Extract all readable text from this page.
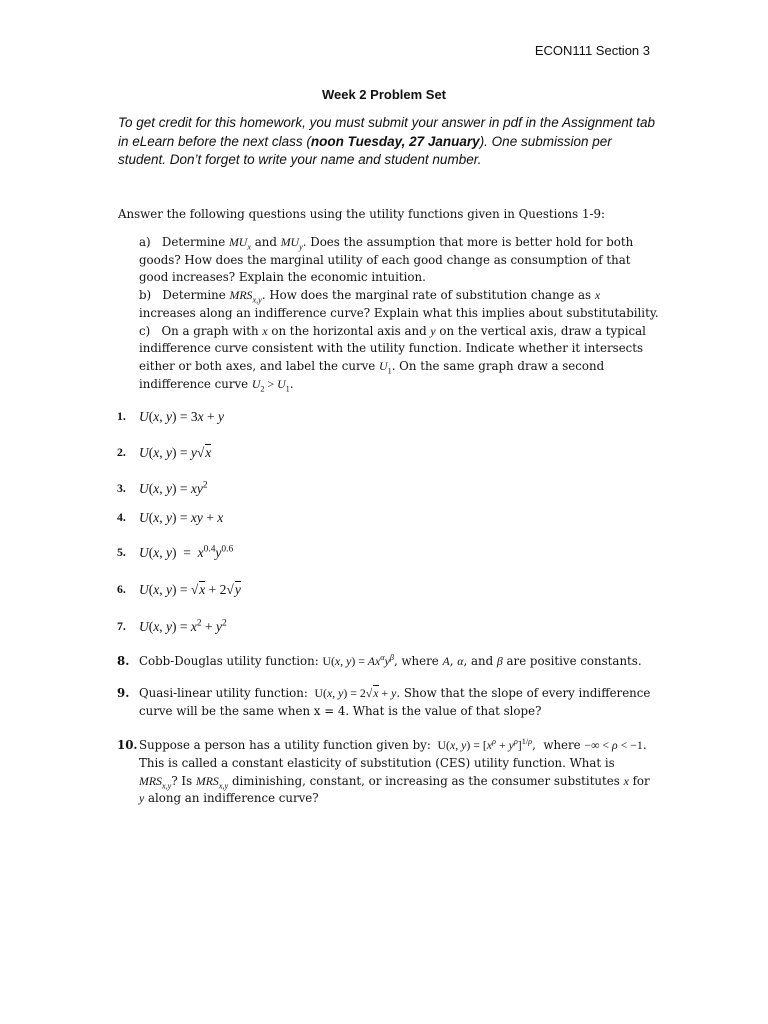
ECON111 Section 3
Week 2 Problem Set
To get credit for this homework, you must submit your answer in pdf in the Assignment tab in eLearn before the next class (noon Tuesday, 27 January). One submission per student. Don’t forget to write your name and student number.
Answer the following questions using the utility functions given in Questions 1-9:

a) Determine $MU_x$ and $MU_y$. Does the assumption that more is better hold for both goods? How does the marginal utility of each good change as consumption of that good increases? Explain the economic intuition.

b) Determine $MRS_{x,y}$. How does the marginal rate of substitution change as x increases along an indifference curve? Explain what this implies about substitutability.

c) On a graph with x on the horizontal axis and y on the vertical axis, draw a typical indifference curve consistent with the utility function. Indicate whether it intersects either or both axes, and label the curve $U_1$. On the same graph draw a second indifference curve $U_2 > U_1$.

1. U(x, y) = 3x + y
2. U(x, y) = y√x
3. U(x, $y) = xy^2$
4. U(x, y) = xy + x
5. U(x, $y) = x^{0.4}y^{0.6}$
6. U(x, y) = √x + 2√y
7. U(x, $y) = x^2 + y^2$
8. Cobb-Douglas utility function: U(x, $y) = Ax^\alpha y^\beta$, where A, α, and β are positive constants.
9. Quasi-linear utility function:  U(x, y) = 2√x + y. Show that the slope of every indifference curve will be the same when x = 4. What is the value of that slope?
10. Suppose a person has a utility function given by:  U(x, $y) = [x^\rho + y^\rho]^{1/\rho}$,  where −∞ < ρ < −1. This is called a constant elasticity of substitution (CES) utility function. What is $MRS_{x,y}$? Is $MRS_{x,y}$ diminishing, constant, or increasing as the consumer substitutes x for y along an indifference curve?
